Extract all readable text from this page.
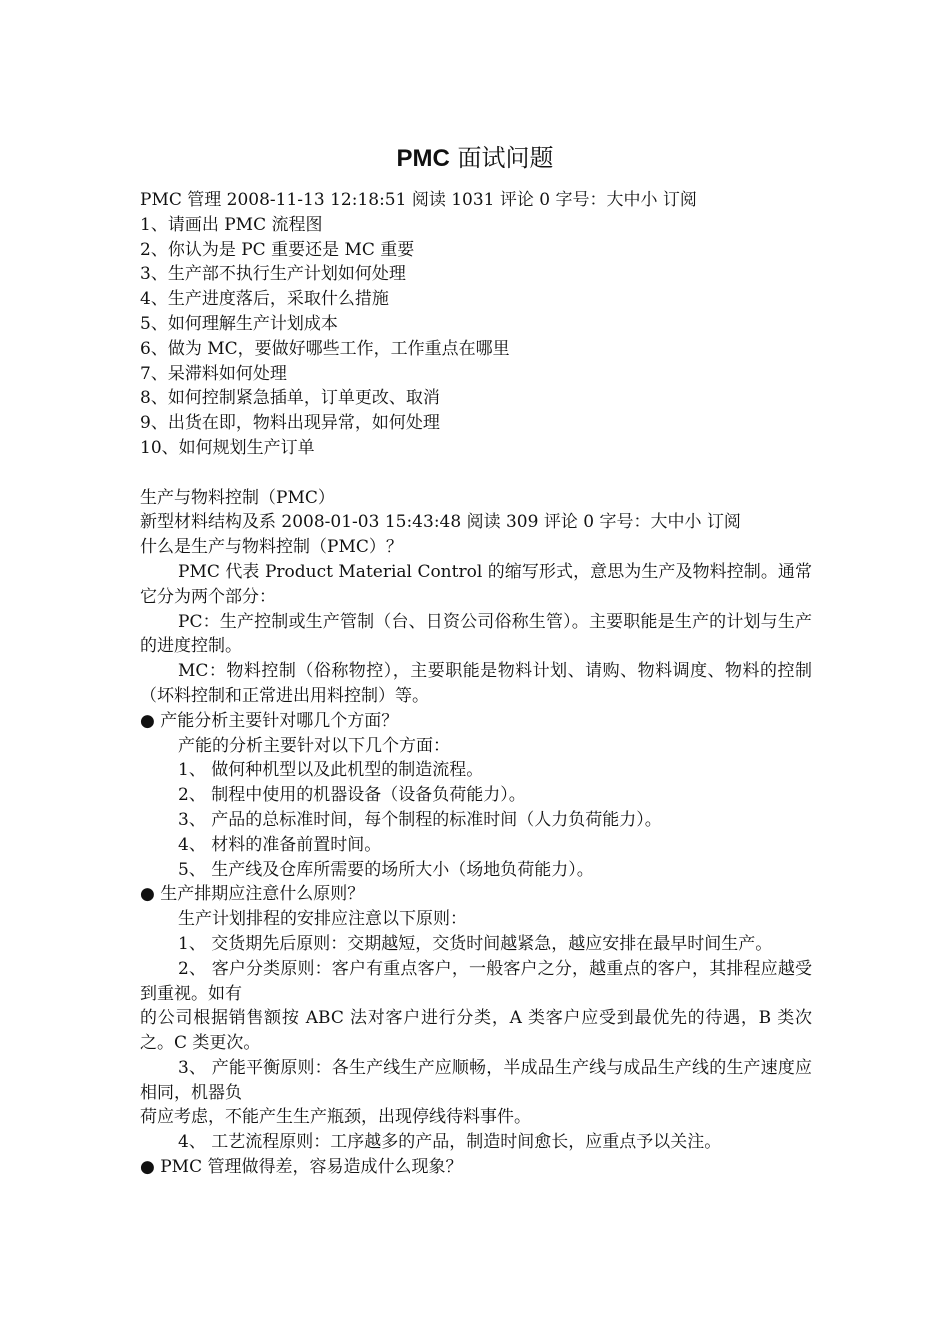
PMC 面试问题
PMC 管理 2008-11-13 12:18:51 阅读 1031 评论 0 字号：大中小 订阅
1、请画出 PMC 流程图
2、你认为是 PC 重要还是 MC 重要
3、生产部不执行生产计划如何处理
4、生产进度落后，采取什么措施
5、如何理解生产计划成本
6、做为 MC，要做好哪些工作，工作重点在哪里
7、呆滞料如何处理
8、如何控制紧急插单，订单更改、取消
9、出货在即，物料出现异常，如何处理
10、如何规划生产订单
生产与物料控制（PMC）
新型材料结构及系 2008-01-03 15:43:48 阅读 309 评论 0 字号：大中小 订阅
什么是生产与物料控制（PMC）？
PMC 代表 Product Material Control 的缩写形式，意思为生产及物料控制。通常它分为两个部分：
PC：生产控制或生产管制（台、日资公司俗称生管）。主要职能是生产的计划与生产的进度控制。
MC：物料控制（俗称物控），主要职能是物料计划、请购、物料调度、物料的控制（坏料控制和正常进出用料控制）等。
● 产能分析主要针对哪几个方面？
产能的分析主要针对以下几个方面：
1、 做何种机型以及此机型的制造流程。
2、 制程中使用的机器设备（设备负荷能力）。
3、 产品的总标准时间，每个制程的标准时间（人力负荷能力）。
4、 材料的准备前置时间。
5、 生产线及仓库所需要的场所大小（场地负荷能力）。
● 生产排期应注意什么原则？
生产计划排程的安排应注意以下原则：
1、 交货期先后原则：交期越短，交货时间越紧急，越应安排在最早时间生产。
2、 客户分类原则：客户有重点客户，一般客户之分，越重点的客户，其排程应越受到重视。如有
的公司根据销售额按 ABC 法对客户进行分类，A 类客户应受到最优先的待遇，B 类次之。C 类更次。
3、 产能平衡原则：各生产线生产应顺畅，半成品生产线与成品生产线的生产速度应相同，机器负
荷应考虑，不能产生生产瓶颈，出现停线待料事件。
4、 工艺流程原则：工序越多的产品，制造时间愈长，应重点予以关注。
● PMC 管理做得差，容易造成什么现象？
